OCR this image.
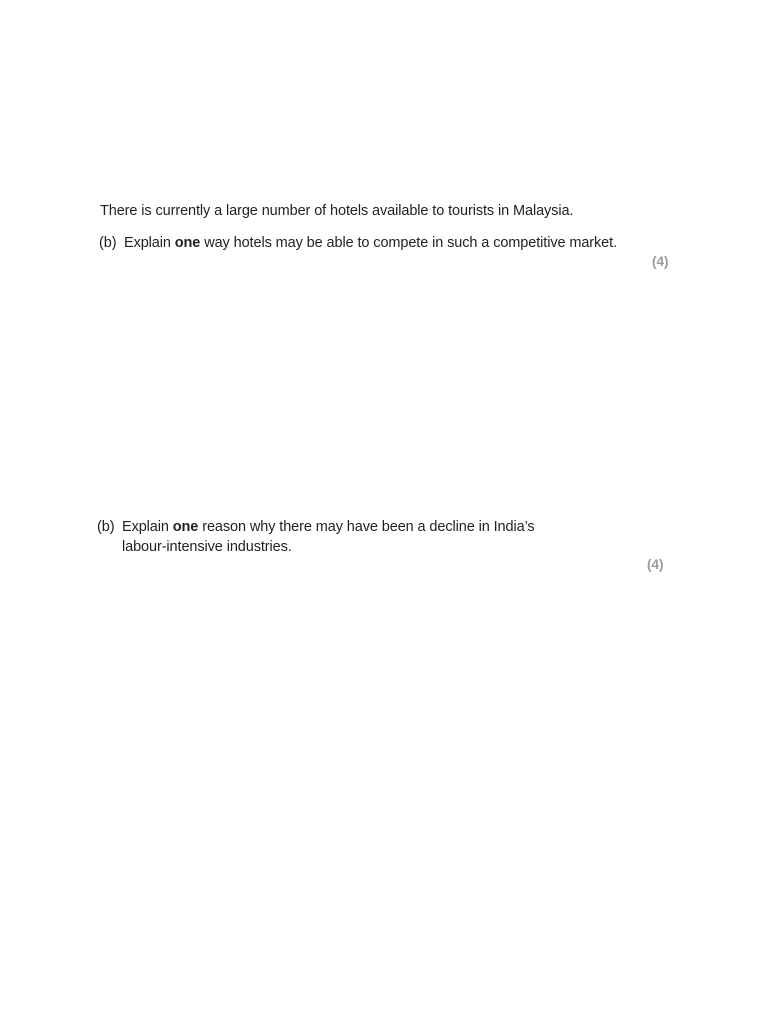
There is currently a large number of hotels available to tourists in Malaysia.
(b) Explain one way hotels may be able to compete in such a competitive market.
(4)
(b) Explain one reason why there may have been a decline in India’s
labour-intensive industries.
(4)
